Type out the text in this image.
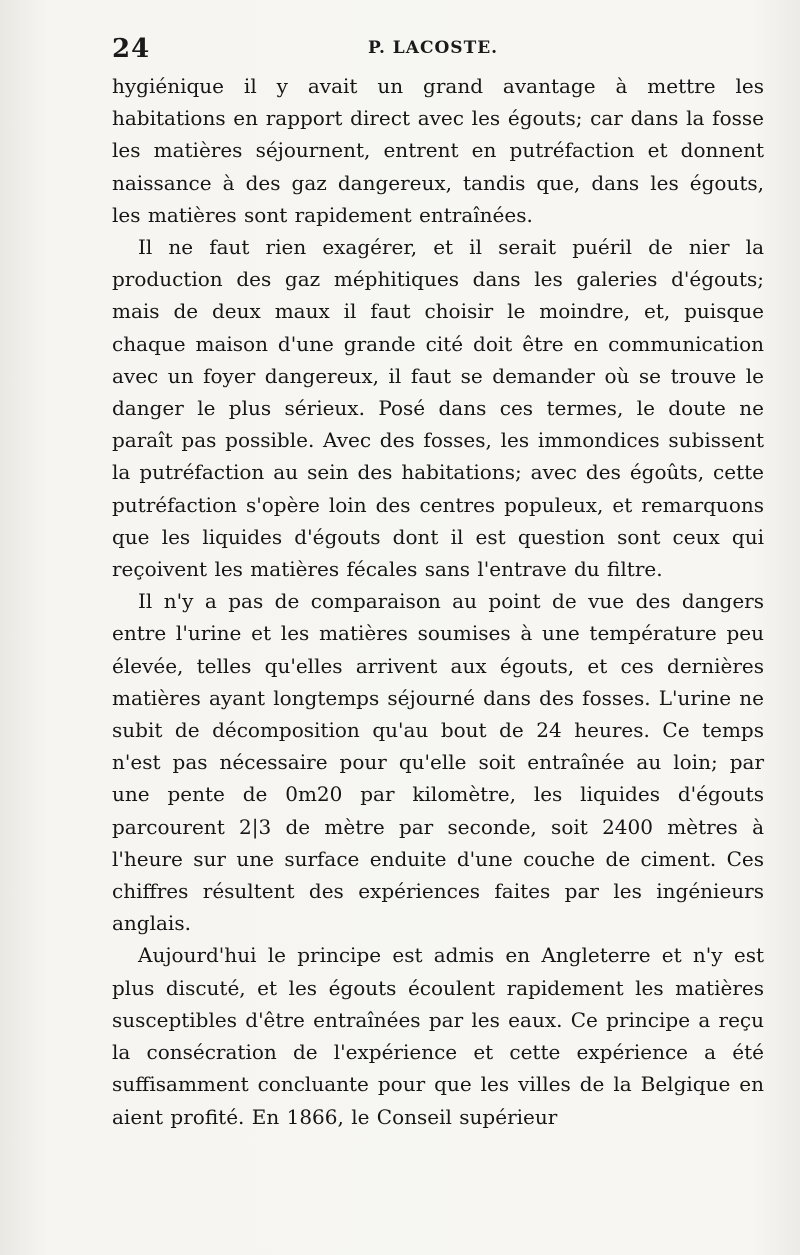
24	P. LACOSTE.

hygiénique il y avait un grand avantage à mettre les habitations en rapport direct avec les égouts; car dans la fosse les matières séjournent, entrent en putréfaction et donnent naissance à des gaz dangereux, tandis que, dans les égouts, les matières sont rapidement entraînées.

Il ne faut rien exagérer, et il serait puéril de nier la production des gaz méphitiques dans les galeries d'égouts; mais de deux maux il faut choisir le moindre, et, puisque chaque maison d'une grande cité doit être en communication avec un foyer dangereux, il faut se demander où se trouve le danger le plus sérieux. Posé dans ces termes, le doute ne paraît pas possible. Avec des fosses, les immondices subissent la putréfaction au sein des habitations; avec des égoûts, cette putréfaction s'opère loin des centres populeux, et remarquons que les liquides d'égouts dont il est question sont ceux qui reçoivent les matières fécales sans l'entrave du filtre.

Il n'y a pas de comparaison au point de vue des dangers entre l'urine et les matières soumises à une température peu élevée, telles qu'elles arrivent aux égouts, et ces dernières matières ayant longtemps séjourné dans des fosses. L'urine ne subit de décomposition qu'au bout de 24 heures. Ce temps n'est pas nécessaire pour qu'elle soit entraînée au loin; par une pente de 0m20 par kilomètre, les liquides d'égouts parcourent 2|3 de mètre par seconde, soit 2400 mètres à l'heure sur une surface enduite d'une couche de ciment. Ces chiffres résultent des expériences faites par les ingénieurs anglais.

Aujourd'hui le principe est admis en Angleterre et n'y est plus discuté, et les égouts écoulent rapidement les matières susceptibles d'être entraînées par les eaux. Ce principe a reçu la consécration de l'expérience et cette expérience a été suffisamment concluante pour que les villes de la Belgique en aient profité. En 1866, le Conseil supérieur
